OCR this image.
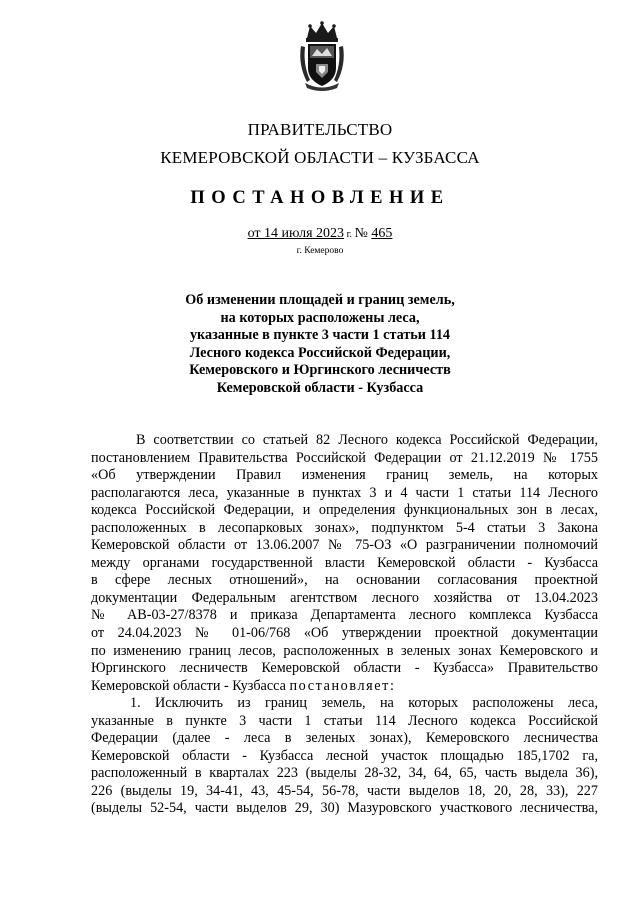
ПРАВИТЕЛЬСТВО
КЕМЕРОВСКОЙ ОБЛАСТИ – КУЗБАССА
ПОСТАНОВЛЕНИЕ
от 14 июля 2023 г. № 465
г. Кемерово
Об изменении площадей и границ земель,
на которых расположены леса,
указанные в пункте 3 части 1 статьи 114
Лесного кодекса Российской Федерации,
Кемеровского и Юргинского лесничеств
Кемеровской области - Кузбасса
В соответствии со статьей 82 Лесного кодекса Российской Федерации,
постановлением Правительства Российской Федерации от 21.12.2019 № 1755
«Об утверждении Правил изменения границ земель, на которых
располагаются леса, указанные в пунктах 3 и 4 части 1 статьи 114 Лесного
кодекса Российской Федерации, и определения функциональных зон в лесах,
расположенных в лесопарковых зонах», подпунктом 5-4 статьи 3 Закона
Кемеровской области от 13.06.2007 № 75-ОЗ «О разграничении полномочий
между органами государственной власти Кемеровской области - Кузбасса
в сфере лесных отношений», на основании согласования проектной
документации Федеральным агентством лесного хозяйства от 13.04.2023
№ АВ-03-27/8378 и приказа Департамента лесного комплекса Кузбасса
от 24.04.2023 № 01-06/768 «Об утверждении проектной документации
по изменению границ лесов, расположенных в зеленых зонах Кемеровского и
Юргинского лесничеств Кемеровской области - Кузбасса» Правительство
Кемеровской области - Кузбасса постановляет:
1. Исключить из границ земель, на которых расположены леса,
указанные в пункте 3 части 1 статьи 114 Лесного кодекса Российской
Федерации (далее - леса в зеленых зонах), Кемеровского лесничества
Кемеровской области - Кузбасса лесной участок площадью 185,1702 га,
расположенный в кварталах 223 (выделы 28-32, 34, 64, 65, часть выдела 36),
226 (выделы 19, 34-41, 43, 45-54, 56-78, части выделов 18, 20, 28, 33), 227
(выделы 52-54, части выделов 29, 30) Мазуровского участкового лесничества,
